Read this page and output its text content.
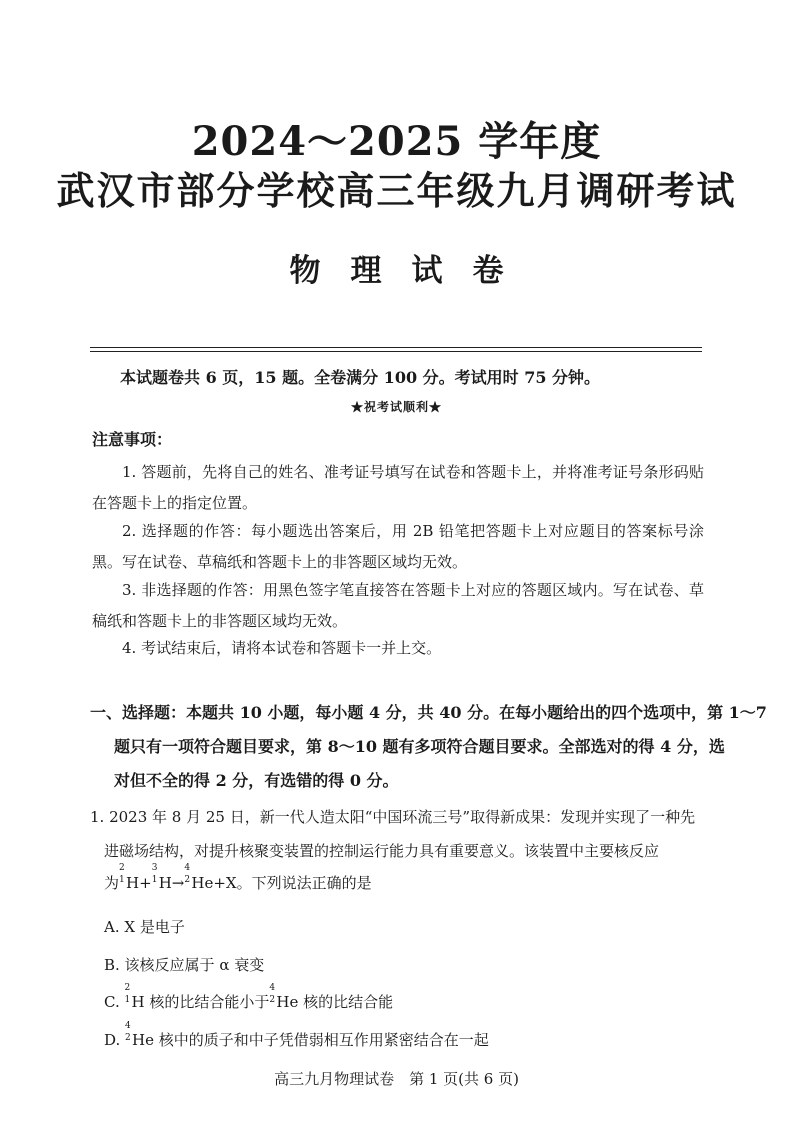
2024～2025 学年度
武汉市部分学校高三年级九月调研考试
物理试卷
本试题卷共 6 页，15 题。全卷满分 100 分。考试用时 75 分钟。
★祝考试顺利★
注意事项：
1. 答题前，先将自己的姓名、准考证号填写在试卷和答题卡上，并将准考证号条形码贴在答题卡上的指定位置。
2. 选择题的作答：每小题选出答案后，用 2B 铅笔把答题卡上对应题目的答案标号涂黑。写在试卷、草稿纸和答题卡上的非答题区域均无效。
3. 非选择题的作答：用黑色签字笔直接答在答题卡上对应的答题区域内。写在试卷、草稿纸和答题卡上的非答题区域均无效。
4. 考试结束后，请将本试卷和答题卡一并上交。
一、选择题：本题共 10 小题，每小题 4 分，共 40 分。在每小题给出的四个选项中，第 1～7
题只有一项符合题目要求，第 8～10 题有多项符合题目要求。全部选对的得 4 分，选
对但不全的得 2 分，有选错的得 0 分。
1. 2023 年 8 月 25 日，新一代人造太阳“中国环流三号”取得新成果：发现并实现了一种先
进磁场结构，对提升核聚变装置的控制运行能力具有重要意义。该装置中主要核反应
为
2
1 H+
3
1 H→
4
2 He+X。下列说法正确的是
A. X 是电子
B. 该核反应属于 α 衰变
C.
2
1 H 核的比结合能小于
4
2 He 核的比结合能
D.
4
2 He 核中的质子和中子凭借弱相互作用紧密结合在一起
高三九月物理试卷　第 1 页(共 6 页)
